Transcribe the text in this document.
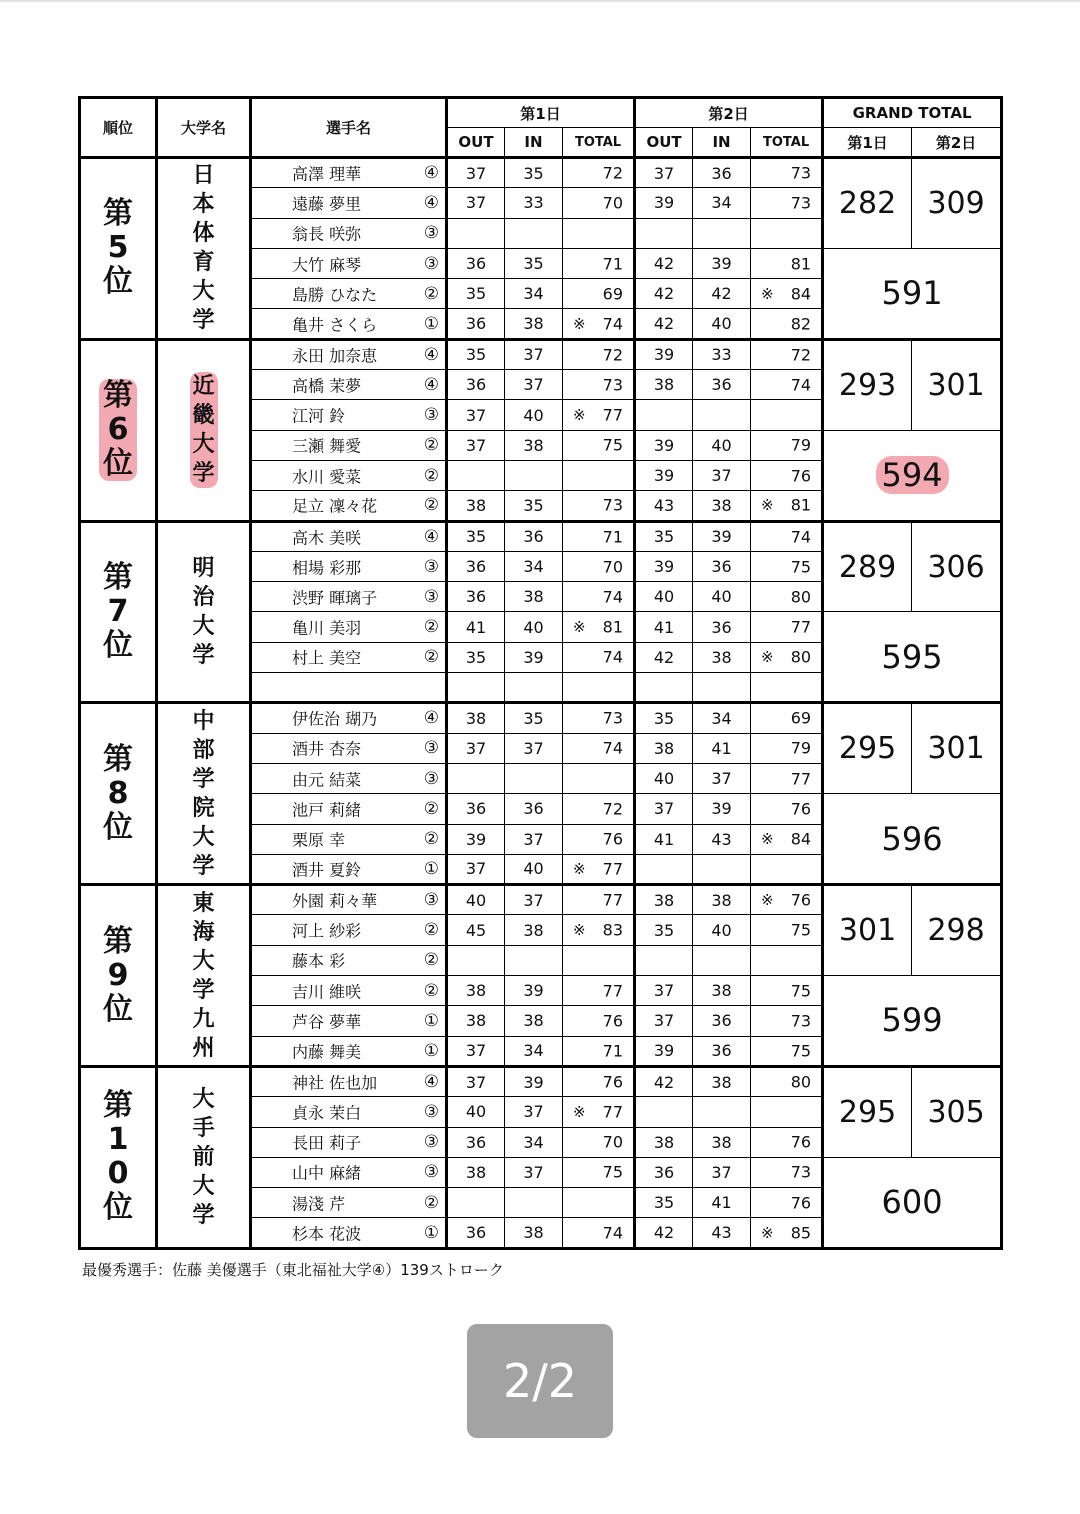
順位	大学名	選手名	第1日			第2日			GRAND TOTAL	
			OUT	IN	TOTAL	OUT	IN	TOTAL	第1日	第2日
第5位	日本体育大学	高澤 理華 ④	37	35	72	37	36	73	282	309

		遠藤 夢里 ④	37	33	70	39	34	73		

		翁長 咲弥 ③								

		大竹 麻琴 ③	36	35	71	42	39	81	591	

		島勝 ひなた ②	35	34	69	42	42	※ 84		

		亀井 さくら ①	36	38	※ 74	42	40	82		

第6位	近畿大学	永田 加奈恵 ④	35	37	72	39	33	72	293	301

		高橋 茉夢 ④	36	37	73	38	36	74		

		江河 鈴 ③	37	40	※ 77					

		三瀬 舞愛 ②	37	38	75	39	40	79	594	

		水川 愛菜 ②				39	37	76		

		足立 凜々花 ②	38	35	73	43	38	※ 81		

第7位	明治大学	高木 美咲 ④	35	36	71	35	39	74	289	306

		相場 彩那 ③	36	34	70	39	36	75		

		渋野 暉璃子 ③	36	38	74	40	40	80		

		亀川 美羽 ②	41	40	※ 81	41	36	77	595	

		村上 美空 ②	35	39	74	42	38	※ 80		

第8位	中部学院大学	伊佐治 瑚乃 ④	38	35	73	35	34	69	295	301

		酒井 杏奈 ③	37	37	74	38	41	79		

		由元 結菜 ③				40	37	77		

		池戸 莉緒 ②	36	36	72	37	39	76	596	

		栗原 幸 ②	39	37	76	41	43	※ 84		

		酒井 夏鈴 ①	37	40	※ 77					

第9位	東海大学九州	外園 莉々華 ③	40	37	77	38	38	※ 76	301	298

		河上 紗彩 ②	45	38	※ 83	35	40	75		

		藤本 彩 ②								

		吉川 維咲 ②	38	39	77	37	38	75	599	

		芦谷 夢華 ①	38	38	76	37	36	73		

		内藤 舞美 ①	37	34	71	39	36	75		

第10位	大手前大学	神社 佐也加 ④	37	39	76	42	38	80	295	305

		貞永 茉白 ③	40	37	※ 77					

		長田 莉子 ③	36	34	70	38	38	76		

		山中 麻緒 ③	38	37	75	36	37	73	600	

		湯淺 芹 ②				35	41	76		

		杉本 花波 ①	36	38	74	42	43	※ 85		
最優秀選手：佐藤 美優選手（東北福祉大学④）139ストローク
2/2
